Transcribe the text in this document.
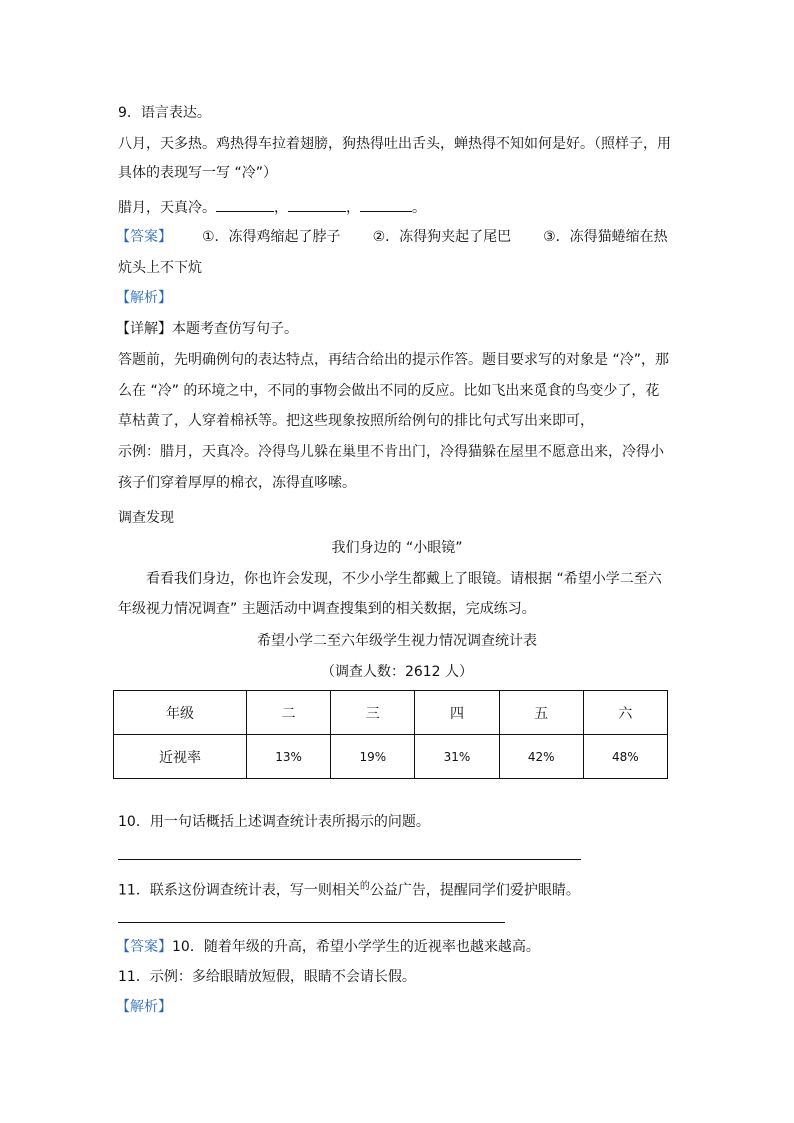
9．语言表达。
八月，天多热。鸡热得车拉着翅膀，狗热得吐出舌头，蝉热得不知如何是好。（照样子，用
具体的表现写一写 “冷”）
腊月，天真冷。	，	，	。
【答案】 ①．冻得鸡缩起了脖子 ②．冻得狗夹起了尾巴 ③．冻得猫蜷缩在热
炕头上不下炕
【解析】
【详解】本题考查仿写句子。
答题前，先明确例句的表达特点，再结合给出的提示作答。题目要求写的对象是 “冷”，那
么在 “冷” 的环境之中，不同的事物会做出不同的反应。比如飞出来觅食的鸟变少了，花
草枯黄了，人穿着棉袄等。把这些现象按照所给例句的排比句式写出来即可，
示例：腊月，天真冷。冷得鸟儿躲在巢里不肯出门，冷得猫躲在屋里不愿意出来，冷得小
孩子们穿着厚厚的棉衣，冻得直哆嗦。
调查发现
我们身边的 “小眼镜”
看看我们身边，你也许会发现，不少小学生都戴上了眼镜。请根据 “希望小学二至六
年级视力情况调查” 主题活动中调查搜集到的相关数据，完成练习。
希望小学二至六年级学生视力情况调查统计表
（调查人数：2612 人）
年级	二	三	四	五	六
近视率	13%	19%	31%	42%	48%
10．用一句话概括上述调查统计表所揭示的问题。
11．联系这份调查统计表，写一则相关$^的$公益广告，提醒同学们爱护眼睛。
【答案】10．随着年级的升高，希望小学学生的近视率也越来越高。
11．示例：多给眼睛放短假，眼睛不会请长假。
【解析】
